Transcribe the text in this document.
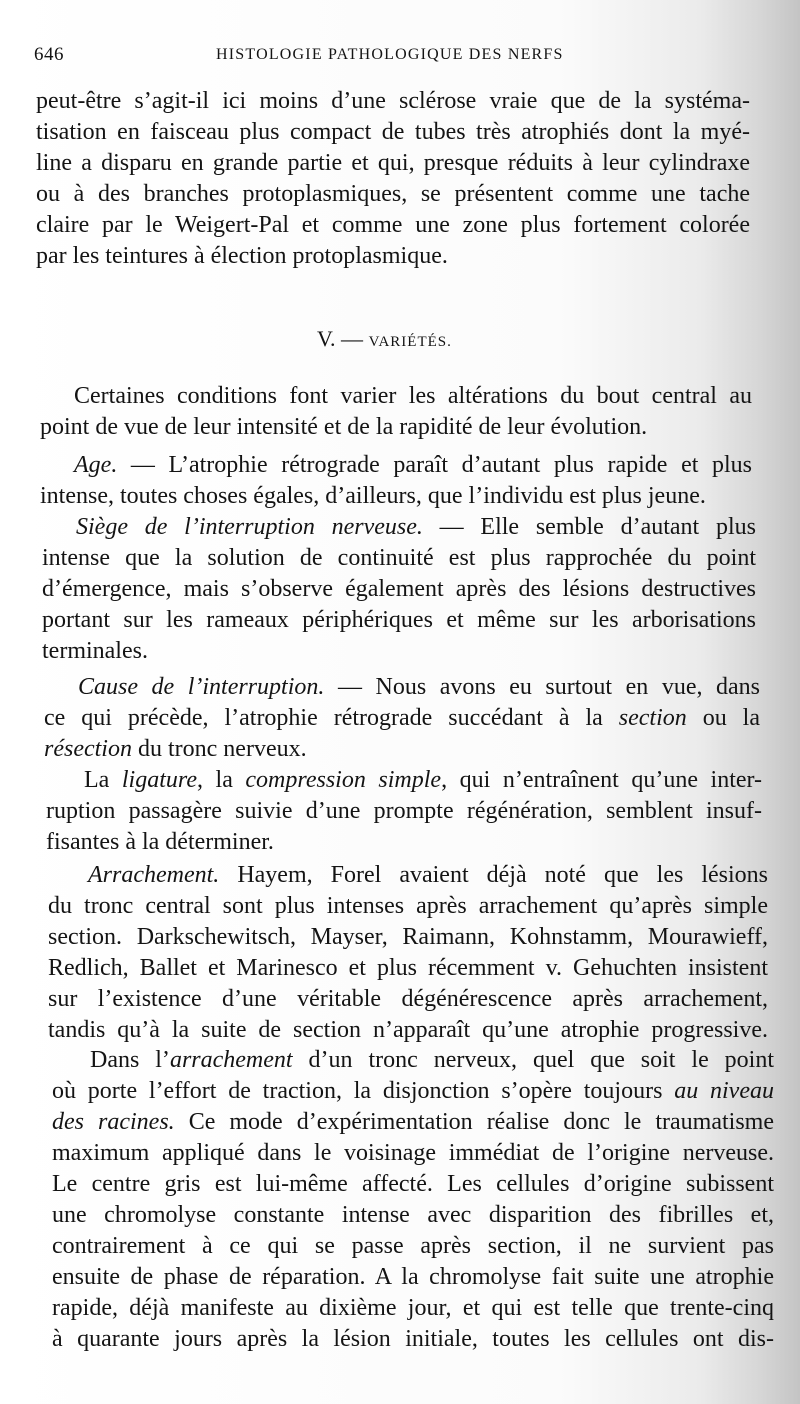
646	HISTOLOGIE PATHOLOGIQUE DES NERFS
peut-être s’agit-il ici moins d’une sclérose vraie que de la systéma-
tisation en faisceau plus compact de tubes très atrophiés dont la myé-
line a disparu en grande partie et qui, presque réduits à leur cylindraxe
ou à des branches protoplasmiques, se présentent comme une tache
claire par le Weigert-Pal et comme une zone plus fortement colorée
par les teintures à élection protoplasmique.
V. — VARIÉTÉS.
Certaines conditions font varier les altérations du bout central au
point de vue de leur intensité et de la rapidité de leur évolution.
Age. — L’atrophie rétrograde paraît d’autant plus rapide et plus
intense, toutes choses égales, d’ailleurs, que l’individu est plus jeune.
Siège de l’interruption nerveuse. — Elle semble d’autant plus
intense que la solution de continuité est plus rapprochée du point
d’émergence, mais s’observe également après des lésions destructives
portant sur les rameaux périphériques et même sur les arborisations
terminales.
Cause de l’interruption. — Nous avons eu surtout en vue, dans
ce qui précède, l’atrophie rétrograde succédant à la section ou la
résection du tronc nerveux.
La ligature, la compression simple, qui n’entraînent qu’une inter-
ruption passagère suivie d’une prompte régénération, semblent insuf-
fisantes à la déterminer.
Arrachement. Hayem, Forel avaient déjà noté que les lésions
du tronc central sont plus intenses après arrachement qu’après simple
section. Darkschewitsch, Mayser, Raimann, Kohnstamm, Mourawieff,
Redlich, Ballet et Marinesco et plus récemment v. Gehuchten insistent
sur l’existence d’une véritable dégénérescence après arrachement,
tandis qu’à la suite de section n’apparaît qu’une atrophie progressive.
Dans l’arrachement d’un tronc nerveux, quel que soit le point
où porte l’effort de traction, la disjonction s’opère toujours au niveau
des racines. Ce mode d’expérimentation réalise donc le traumatisme
maximum appliqué dans le voisinage immédiat de l’origine nerveuse.
Le centre gris est lui-même affecté. Les cellules d’origine subissent
une chromolyse constante intense avec disparition des fibrilles et,
contrairement à ce qui se passe après section, il ne survient pas
ensuite de phase de réparation. A la chromolyse fait suite une atrophie
rapide, déjà manifeste au dixième jour, et qui est telle que trente-cinq
à quarante jours après la lésion initiale, toutes les cellules ont dis-
